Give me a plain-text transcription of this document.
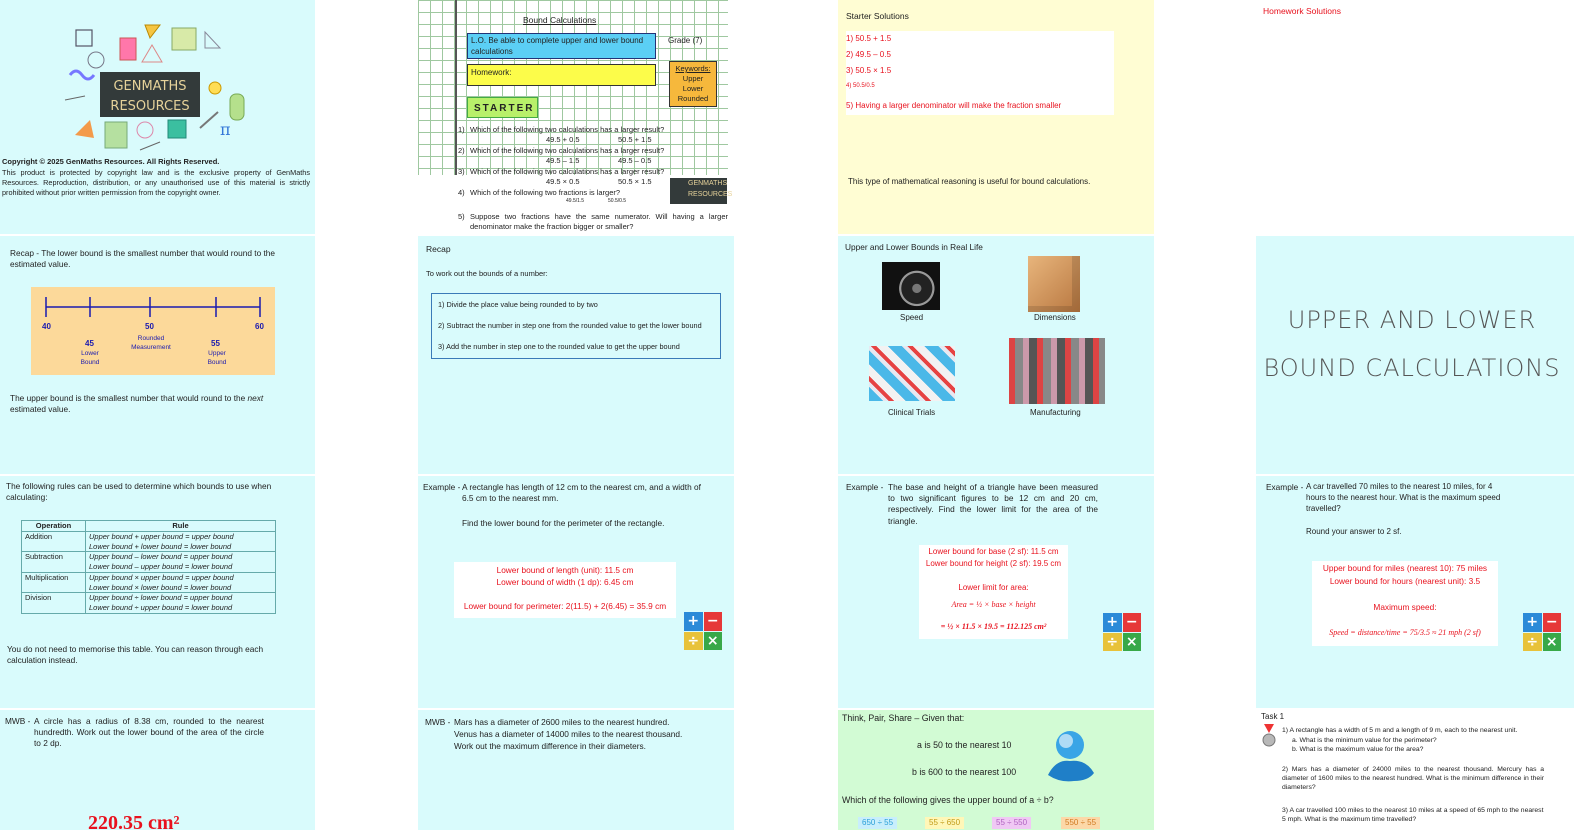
GENMATHS
RESOURCES
π
Copyright © 2025 GenMaths Resources. All Rights Reserved.
This product is protected by copyright law and is the exclusive property of GenMaths Resources. Reproduction, distribution, or any unauthorised use of this material is strictly prohibited without prior written permission from the copyright owner.
Bound Calculations
L.O. Be able to complete upper and lower bound calculations
Grade (7)
Homework:	Keywords:
Upper
Lower
Rounded
STARTER
1) Which of the following two calculations has a larger result?
49.5 + 0.5	50.5 + 1.5
2) Which of the following two calculations has a larger result?
49.5 – 1.5	49.5 – 0.5
3) Which of the following two calculations has a larger result?
49.5 × 0.5	50.5 × 1.5
4) Which of the following two fractions is larger?
49.5/1.5	50.5/0.5
5) Suppose two fractions have the same numerator. Will having a larger denominator make the fraction bigger or smaller?
GENMATHS
RESOURCES
Starter Solutions
1) 50.5 + 1.5
2) 49.5 – 0.5
3) 50.5 × 1.5
4) 50.5/0.5
5) Having a larger denominator will make the fraction smaller
This type of mathematical reasoning is useful for bound calculations.
Homework Solutions
Recap - The lower bound is the smallest number that would round to the estimated value.
40	50	60
45
Lower Bound
Rounded Measurement	55
Upper Bound
The upper bound is the smallest number that would round to the next estimated value.
Recap
To work out the bounds of a number:
1) Divide the place value being rounded to by two
2) Subtract the number in step one from the rounded value to get the lower bound
3) Add the number in step one to the rounded value to get the upper bound
Upper and Lower Bounds in Real Life
Speed	Dimensions
Clinical Trials	Manufacturing
UPPER AND LOWER
BOUND CALCULATIONS
The following rules can be used to determine which bounds to use when calculating:
Operation	Rule
Addition	Upper bound + upper bound = upper bound
Lower bound + lower bound = lower bound

Subtraction	Upper bound – lower bound = upper bound
Lower bound – upper bound = lower bound

Multiplication	Upper bound × upper bound = upper bound
Lower bound × lower bound = lower bound

Division	Upper bound ÷ lower bound = upper bound
Lower bound ÷ upper bound = lower bound
You do not need to memorise this table. You can reason through each calculation instead.
Example - A rectangle has length of 12 cm to the nearest cm, and a width of 6.5 cm to the nearest mm.
Find the lower bound for the perimeter of the rectangle.
Lower bound of length (unit): 11.5 cm
Lower bound of width (1 dp): 6.45 cm
Lower bound for perimeter: 2(11.5) + 2(6.45) = 35.9 cm
+ −
÷ ×
Example - The base and height of a triangle have been measured to two significant figures to be 12 cm and 20 cm, respectively. Find the lower limit for the area of the triangle.
Lower bound for base (2 sf): 11.5 cm
Lower bound for height (2 sf): 19.5 cm
Lower limit for area:
Area = ½ × base × height
= ½ × 11.5 × 19.5 = 112.125 cm²	+ −
÷ ×
Example - A car travelled 70 miles to the nearest 10 miles, for 4 hours to the nearest hour. What is the maximum speed travelled?
Round your answer to 2 sf.
Upper bound for miles (nearest 10): 75 miles
Lower bound for hours (nearest unit): 3.5
Maximum speed:
Speed = distance/time = 75/3.5 ≈ 21 mph (2 sf)
+ −
÷ ×
MWB - A circle has a radius of 8.38 cm, rounded to the nearest hundredth. Work out the lower bound of the area of the circle to 2 dp.
220.35 cm²
MWB - Mars has a diameter of 2600 miles to the nearest hundred.
Venus has a diameter of 14000 miles to the nearest thousand.
Work out the maximum difference in their diameters.
Think, Pair, Share – Given that:
a is 50 to the nearest 10
b is 600 to the nearest 100
Which of the following gives the upper bound of a ÷ b?
650 ÷ 55	55 ÷ 650	55 ÷ 550	550 ÷ 55
Task 1
1) A rectangle has a width of 5 m and a length of 9 m, each to the nearest unit.
a. What is the minimum value for the perimeter?
b. What is the maximum value for the area?
2) Mars has a diameter of 24000 miles to the nearest thousand. Mercury has a diameter of 1600 miles to the nearest hundred. What is the minimum difference in their diameters?
3) A car travelled 100 miles to the nearest 10 miles at a speed of 65 mph to the nearest 5 mph. What is the maximum time travelled?
